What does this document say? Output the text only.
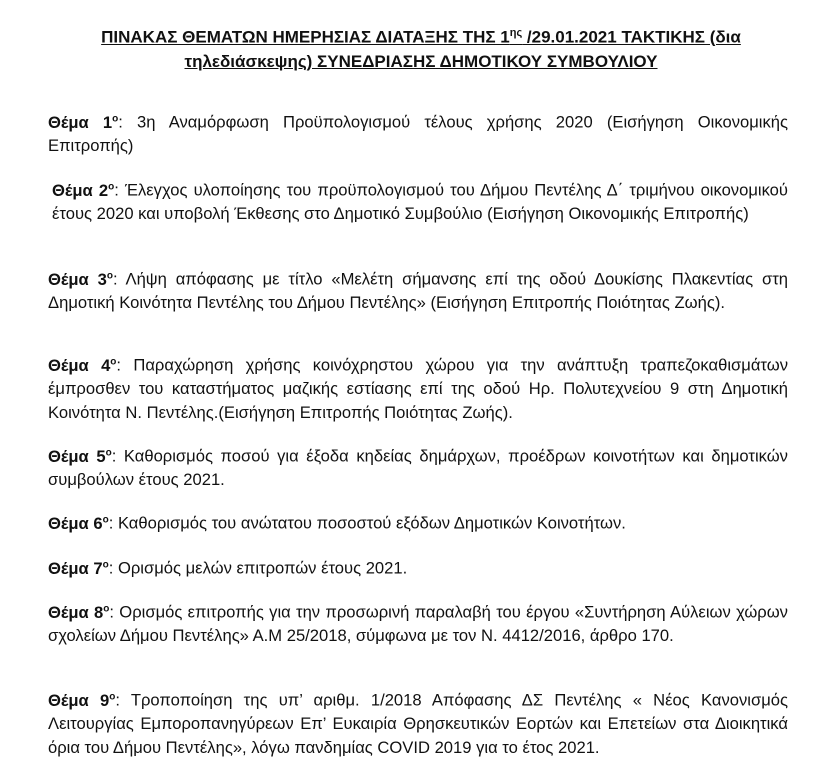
ΠΙΝΑΚΑΣ ΘΕΜΑΤΩΝ ΗΜΕΡΗΣΙΑΣ ΔΙΑΤΑΞΗΣ ΤΗΣ $1^{\eta\varsigma}$ /29.01.2021 ΤΑΚΤΙΚΗΣ (δια τηλεδιάσκεψης) ΣΥΝΕΔΡΙΑΣΗΣ ΔΗΜΟΤΙΚΟΥ ΣΥΜΒΟΥΛΙΟΥ
Θέμα $1^o$: 3η Αναμόρφωση Προϋπολογισμού τέλους χρήσης 2020 (Εισήγηση Οικονομικής Επιτροπής)
Θέμα $2^o$: Έλεγχος υλοποίησης του προϋπολογισμού του Δήμου Πεντέλης Δ΄ τριμήνου οικονομικού έτους 2020 και υποβολή Έκθεσης στο Δημοτικό Συμβούλιο (Εισήγηση Οικονομικής Επιτροπής)
Θέμα $3^o$: Λήψη απόφασης με τίτλο «Μελέτη σήμανσης επί της οδού Δουκίσης Πλακεντίας στη Δημοτική Κοινότητα Πεντέλης του Δήμου Πεντέλης» (Εισήγηση Επιτροπής Ποιότητας Ζωής).
Θέμα $4^o$: Παραχώρηση χρήσης κοινόχρηστου χώρου για την ανάπτυξη τραπεζοκαθισμάτων έμπροσθεν του καταστήματος μαζικής εστίασης επί της οδού Ηρ. Πολυτεχνείου 9 στη Δημοτική Κοινότητα Ν. Πεντέλης.(Εισήγηση Επιτροπής Ποιότητας Ζωής).
Θέμα $5^o$: Καθορισμός ποσού για έξοδα κηδείας δημάρχων, προέδρων κοινοτήτων και δημοτικών συμβούλων έτους 2021.
Θέμα $6^o$: Καθορισμός του ανώτατου ποσοστού εξόδων Δημοτικών Κοινοτήτων.
Θέμα $7^o$: Ορισμός μελών επιτροπών έτους 2021.
Θέμα $8^o$: Ορισμός επιτροπής για την προσωρινή παραλαβή του έργου «Συντήρηση Αύλειων χώρων σχολείων Δήμου Πεντέλης» Α.Μ 25/2018, σύμφωνα με τον Ν. 4412/2016, άρθρο 170.
Θέμα $9^o$: Τροποποίηση της υπ’ αριθμ. 1/2018 Απόφασης ΔΣ Πεντέλης « Νέος Κανονισμός Λειτουργίας Εμποροπανηγύρεων Επ’ Ευκαιρία Θρησκευτικών Εορτών και Επετείων στα Διοικητικά όρια του Δήμου Πεντέλης», λόγω πανδημίας COVID 2019 για το έτος 2021.
